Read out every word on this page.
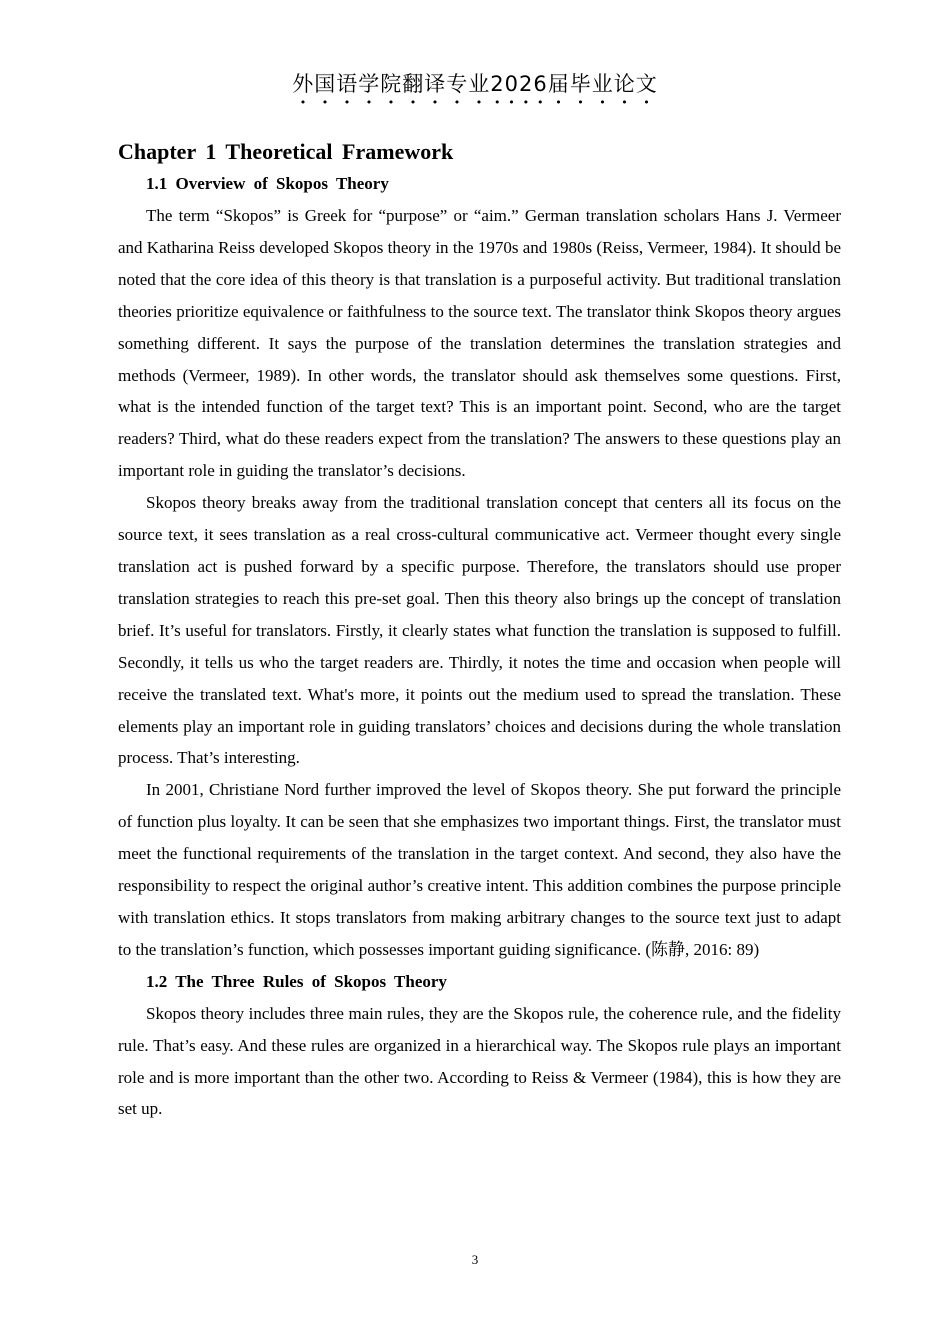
外国语学院翻译专业2026届毕业论文
Chapter 1 Theoretical Framework
1.1 Overview of Skopos Theory

The term “Skopos” is Greek for “purpose” or “aim.” German translation scholars Hans J. Vermeer and Katharina Reiss developed Skopos theory in the 1970s and 1980s (Reiss, Vermeer, 1984). It should be noted that the core idea of this theory is that translation is a purposeful activity. But traditional translation theories prioritize equivalence or faithfulness to the source text. The translator think Skopos theory argues something different. It says the purpose of the translation determines the translation strategies and methods (Vermeer, 1989). In other words, the translator should ask themselves some questions. First, what is the intended function of the target text? This is an important point. Second, who are the target readers? Third, what do these readers expect from the translation? The answers to these questions play an important role in guiding the translator’s decisions.

Skopos theory breaks away from the traditional translation concept that centers all its focus on the source text, it sees translation as a real cross-cultural communicative act. Vermeer thought every single translation act is pushed forward by a specific purpose. Therefore, the translators should use proper translation strategies to reach this pre-set goal. Then this theory also brings up the concept of translation brief. It’s useful for translators. Firstly, it clearly states what function the translation is supposed to fulfill. Secondly, it tells us who the target readers are. Thirdly, it notes the time and occasion when people will receive the translated text. What's more, it points out the medium used to spread the translation. These elements play an important role in guiding translators’ choices and decisions during the whole translation process. That’s interesting.

In 2001, Christiane Nord further improved the level of Skopos theory. She put forward the principle of function plus loyalty. It can be seen that she emphasizes two important things. First, the translator must meet the functional requirements of the translation in the target context. And second, they also have the responsibility to respect the original author’s creative intent. This addition combines the purpose principle with translation ethics. It stops translators from making arbitrary changes to the source text just to adapt to the translation’s function, which possesses important guiding significance. (陈静, 2016: 89)

1.2 The Three Rules of Skopos Theory

Skopos theory includes three main rules, they are the Skopos rule, the coherence rule, and the fidelity rule. That’s easy. And these rules are organized in a hierarchical way. The Skopos rule plays an important role and is more important than the other two. According to Reiss & Vermeer (1984), this is how they are set up.

3
